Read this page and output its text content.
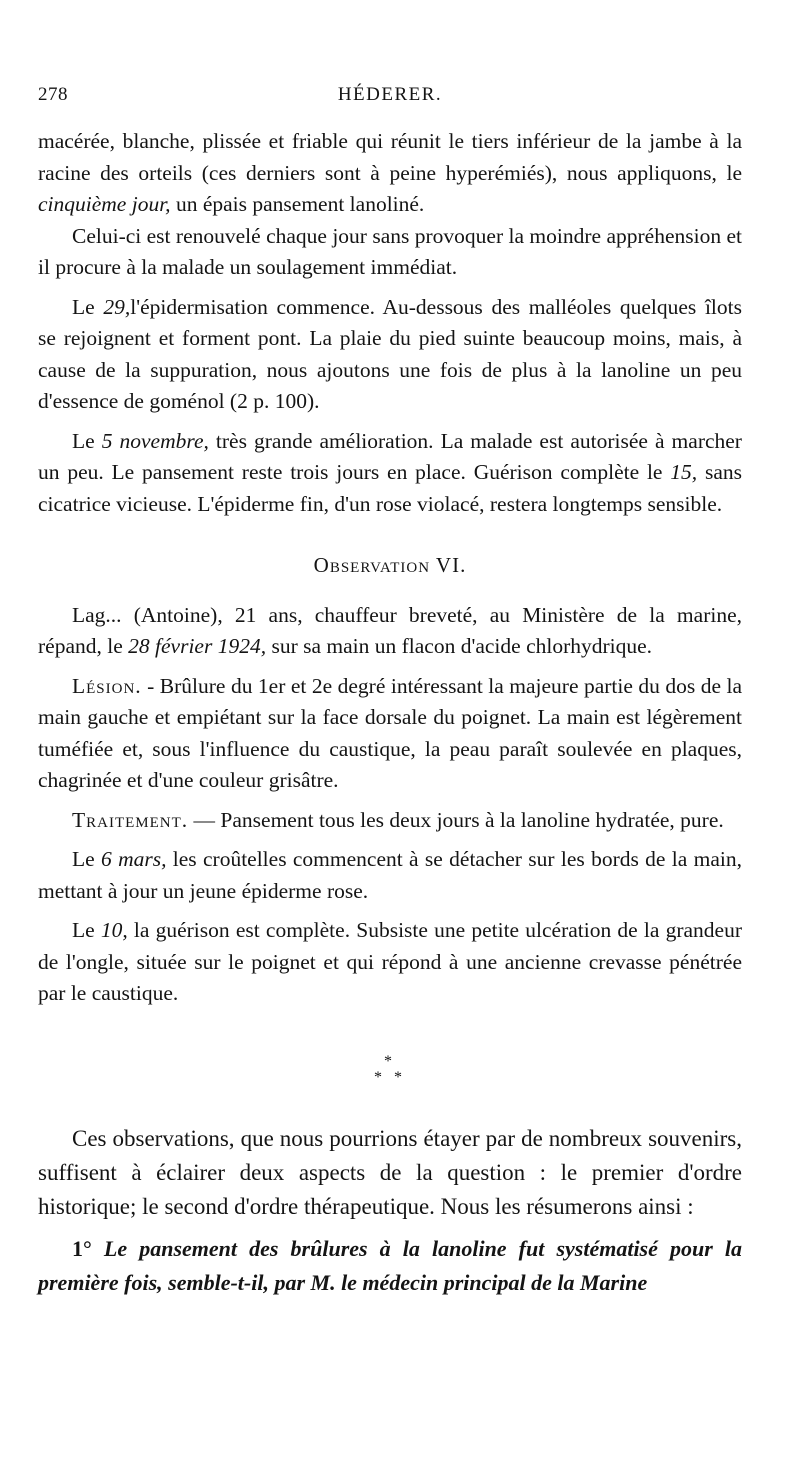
278	HÉDERER.

macérée, blanche, plissée et friable qui réunit le tiers inférieur de la jambe à la racine des orteils (ces derniers sont à peine hyperémiés), nous appliquons, le cinquième jour, un épais pansement lanoliné.

Celui-ci est renouvelé chaque jour sans provoquer la moindre appréhension et il procure à la malade un soulagement immédiat.

Le 29,l'épidermisation commence. Au-dessous des malléoles quelques îlots se rejoignent et forment pont. La plaie du pied suinte beaucoup moins, mais, à cause de la suppuration, nous ajoutons une fois de plus à la lanoline un peu d'essence de goménol (2 p. 100).

Le 5 novembre, très grande amélioration. La malade est autorisée à marcher un peu. Le pansement reste trois jours en place. Guérison complète le 15, sans cicatrice vicieuse. L'épiderme fin, d'un rose violacé, restera longtemps sensible.

Observation VI.

Lag... (Antoine), 21 ans, chauffeur breveté, au Ministère de la marine, répand, le 28 février 1924, sur sa main un flacon d'acide chlorhydrique.

Lésion. - Brûlure du 1er et 2e degré intéressant la majeure partie du dos de la main gauche et empiétant sur la face dorsale du poignet. La main est légèrement tuméfiée et, sous l'influence du caustique, la peau paraît soulevée en plaques, chagrinée et d'une couleur grisâtre.

Traitement. — Pansement tous les deux jours à la lanoline hydratée, pure.

Le 6 mars, les croûtelles commencent à se détacher sur les bords de la main, mettant à jour un jeune épiderme rose.

Le 10, la guérison est complète. Subsiste une petite ulcération de la grandeur de l'ongle, située sur le poignet et qui répond à une ancienne crevasse pénétrée par le caustique.

*
* *

Ces observations, que nous pourrions étayer par de nombreux souvenirs, suffisent à éclairer deux aspects de la question : le premier d'ordre historique; le second d'ordre thérapeutique. Nous les résumerons ainsi :

1° Le pansement des brûlures à la lanoline fut systématisé pour la première fois, semble-t-il, par M. le médecin principal de la Marine
